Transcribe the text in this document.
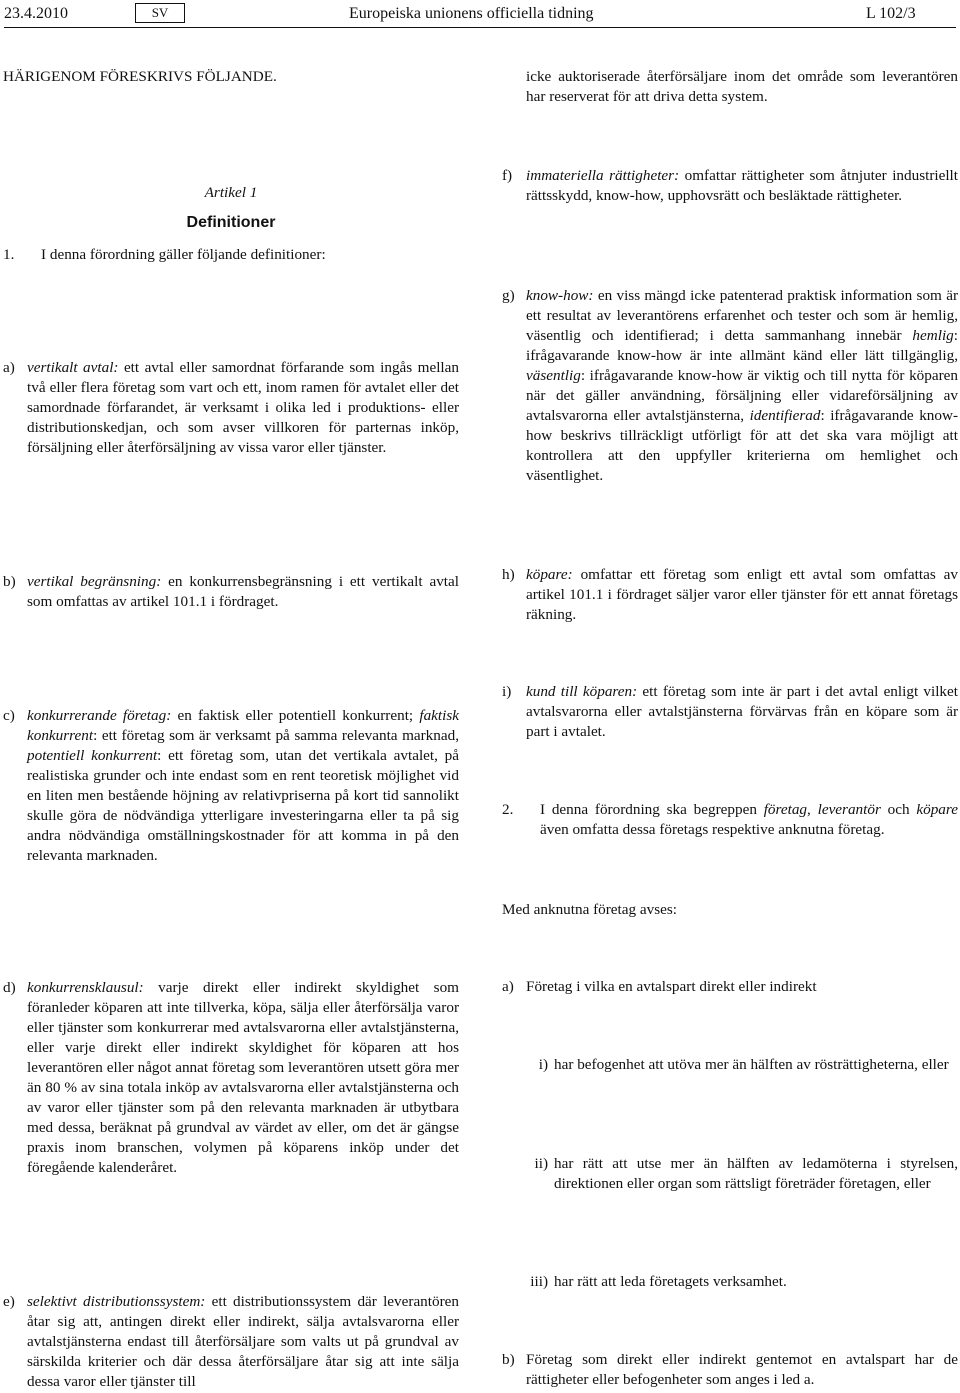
23.4.2010	SV	Europeiska unionens officiella tidning	L 102/3
HÄRIGENOM FÖRESKRIVS FÖLJANDE.
Artikel 1
Definitioner
1.	I denna förordning gäller följande definitioner:
a) vertikalt avtal: ett avtal eller samordnat förfarande som ingås mellan två eller flera företag som vart och ett, inom ramen för avtalet eller det samordnade förfarandet, är verksamt i olika led i produktions- eller distributionskedjan, och som avser villkoren för parternas inköp, försäljning eller återförsäljning av vissa varor eller tjänster.
b) vertikal begränsning: en konkurrensbegränsning i ett vertikalt avtal som omfattas av artikel 101.1 i fördraget.
c) konkurrerande företag: en faktisk eller potentiell konkurrent; faktisk konkurrent: ett företag som är verksamt på samma relevanta marknad, potentiell konkurrent: ett företag som, utan det vertikala avtalet, på realistiska grunder och inte endast som en rent teoretisk möjlighet vid en liten men bestående höjning av relativpriserna på kort tid sannolikt skulle göra de nödvändiga ytterligare investeringarna eller ta på sig andra nödvändiga omställningskostnader för att komma in på den relevanta marknaden.
d) konkurrensklausul: varje direkt eller indirekt skyldighet som föranleder köparen att inte tillverka, köpa, sälja eller återförsälja varor eller tjänster som konkurrerar med avtalsvarorna eller avtalstjänsterna, eller varje direkt eller indirekt skyldighet för köparen att hos leverantören eller något annat företag som leverantören utsett göra mer än 80 % av sina totala inköp av avtalsvarorna eller avtalstjänsterna och av varor eller tjänster som på den relevanta marknaden är utbytbara med dessa, beräknat på grundval av värdet av eller, om det är gängse praxis inom branschen, volymen på köparens inköp under det föregående kalenderåret.
e) selektivt distributionssystem: ett distributionssystem där leverantören åtar sig att, antingen direkt eller indirekt, sälja avtalsvarorna eller avtalstjänsterna endast till återförsäljare som valts ut på grundval av särskilda kriterier och där dessa återförsäljare åtar sig att inte sälja dessa varor eller tjänster till
icke auktoriserade återförsäljare inom det område som leverantören har reserverat för att driva detta system.
f) immateriella rättigheter: omfattar rättigheter som åtnjuter industriellt rättsskydd, know-how, upphovsrätt och besläktade rättigheter.
g) know-how: en viss mängd icke patenterad praktisk information som är ett resultat av leverantörens erfarenhet och tester och som är hemlig, väsentlig och identifierad; i detta sammanhang innebär hemlig: ifrågavarande know-how är inte allmänt känd eller lätt tillgänglig, väsentlig: ifrågavarande know-how är viktig och till nytta för köparen när det gäller användning, försäljning eller vidareförsäljning av avtalsvarorna eller avtalstjänsterna, identifierad: ifrågavarande know-how beskrivs tillräckligt utförligt för att det ska vara möjligt att kontrollera att den uppfyller kriterierna om hemlighet och väsentlighet.
h) köpare: omfattar ett företag som enligt ett avtal som omfattas av artikel 101.1 i fördraget säljer varor eller tjänster för ett annat företags räkning.
i) kund till köparen: ett företag som inte är part i det avtal enligt vilket avtalsvarorna eller avtalstjänsterna förvärvas från en köpare som är part i avtalet.
2.	I denna förordning ska begreppen företag, leverantör och köpare även omfatta dessa företags respektive anknutna företag.
Med anknutna företag avses:
a) Företag i vilka en avtalspart direkt eller indirekt
i) har befogenhet att utöva mer än hälften av rösträttigheterna, eller
ii) har rätt att utse mer än hälften av ledamöterna i styrelsen, direktionen eller organ som rättsligt företräder företagen, eller
iii) har rätt att leda företagets verksamhet.
b) Företag som direkt eller indirekt gentemot en avtalspart har de rättigheter eller befogenheter som anges i led a.
